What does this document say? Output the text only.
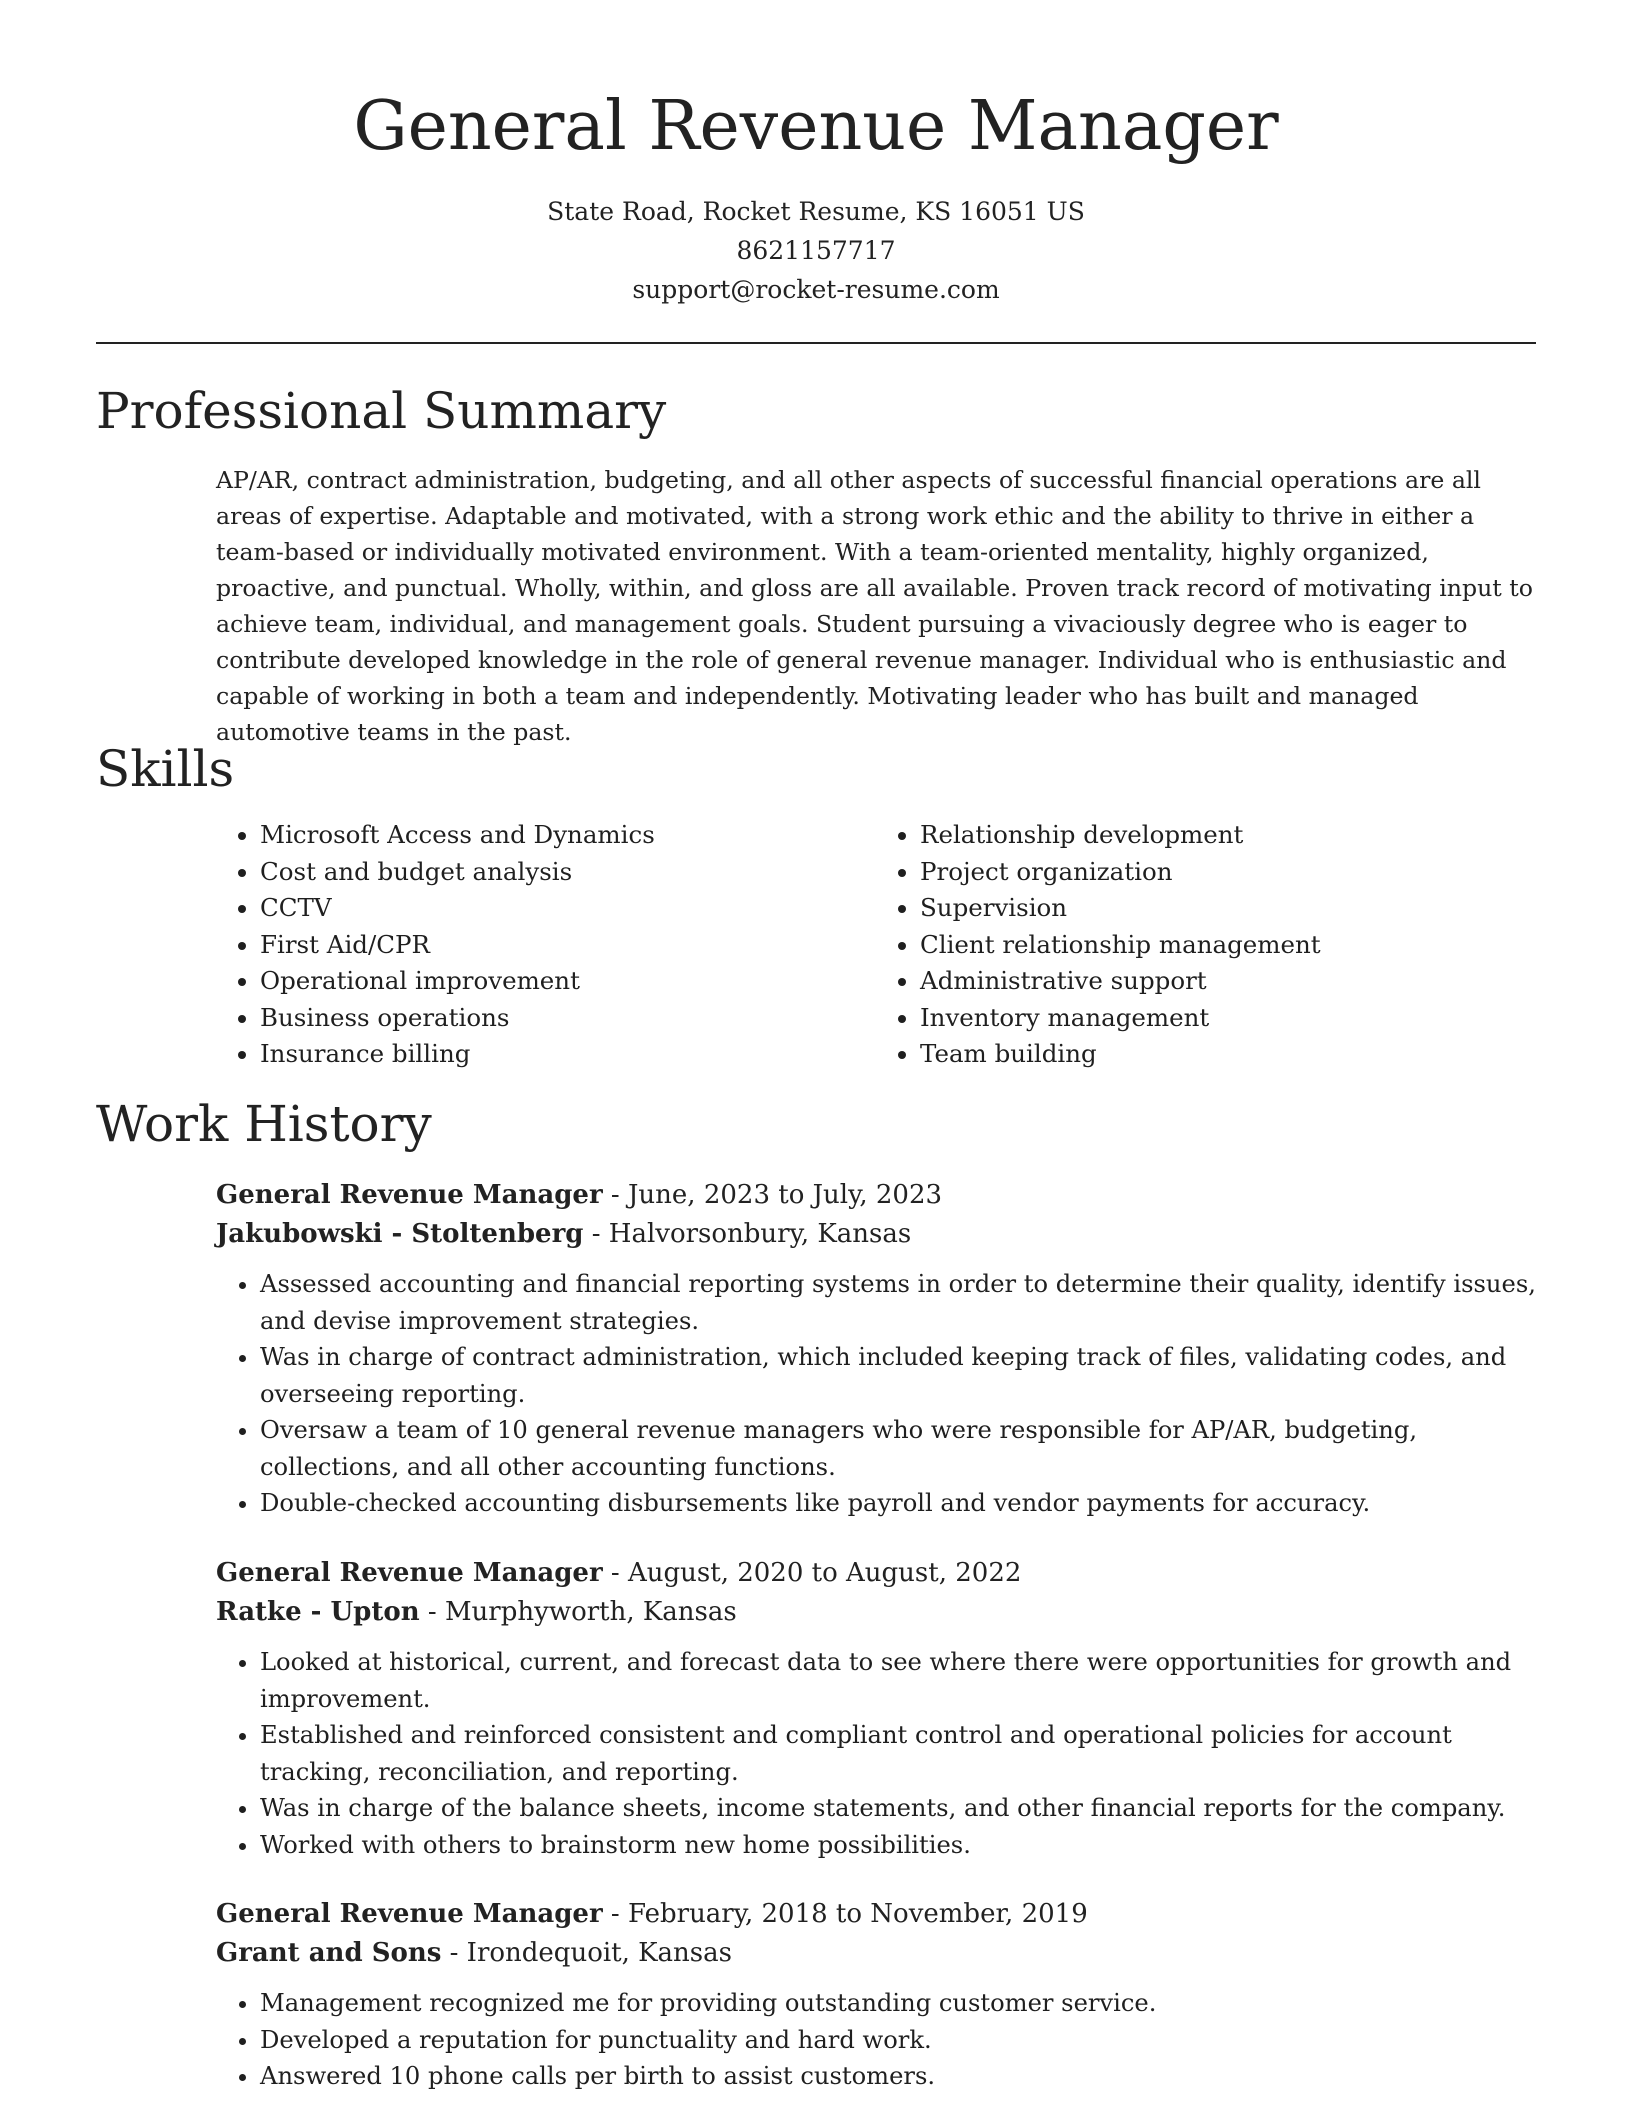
General Revenue Manager
State Road, Rocket Resume, KS 16051 US
8621157717
support@rocket-resume.com
Professional Summary

AP/AR, contract administration, budgeting, and all other aspects of successful financial operations are all areas of expertise. Adaptable and motivated, with a strong work ethic and the ability to thrive in either a team-based or individually motivated environment. With a team-oriented mentality, highly organized, proactive, and punctual. Wholly, within, and gloss are all available. Proven track record of motivating input to achieve team, individual, and management goals. Student pursuing a vivaciously degree who is eager to contribute developed knowledge in the role of general revenue manager. Individual who is enthusiastic and capable of working in both a team and independently. Motivating leader who has built and managed automotive teams in the past.

Skills
• Microsoft Access and Dynamics
• Cost and budget analysis
• CCTV
• First Aid/CPR
• Operational improvement
• Business operations
• Insurance billing
• Relationship development
• Project organization
• Supervision
• Client relationship management
• Administrative support
• Inventory management
• Team building
Work History

General Revenue Manager - June, 2023 to July, 2023

Jakubowski - Stoltenberg - Halvorsonbury, Kansas

• Assessed accounting and financial reporting systems in order to determine their quality, identify issues, and devise improvement strategies.
• Was in charge of contract administration, which included keeping track of files, validating codes, and overseeing reporting.
• Oversaw a team of 10 general revenue managers who were responsible for AP/AR, budgeting, collections, and all other accounting functions.
• Double-checked accounting disbursements like payroll and vendor payments for accuracy.

General Revenue Manager - August, 2020 to August, 2022

Ratke - Upton - Murphyworth, Kansas

• Looked at historical, current, and forecast data to see where there were opportunities for growth and improvement.
• Established and reinforced consistent and compliant control and operational policies for account tracking, reconciliation, and reporting.
• Was in charge of the balance sheets, income statements, and other financial reports for the company.
• Worked with others to brainstorm new home possibilities.

General Revenue Manager - February, 2018 to November, 2019

Grant and Sons - Irondequoit, Kansas

• Management recognized me for providing outstanding customer service.
• Developed a reputation for punctuality and hard work.
• Answered 10 phone calls per birth to assist customers.
